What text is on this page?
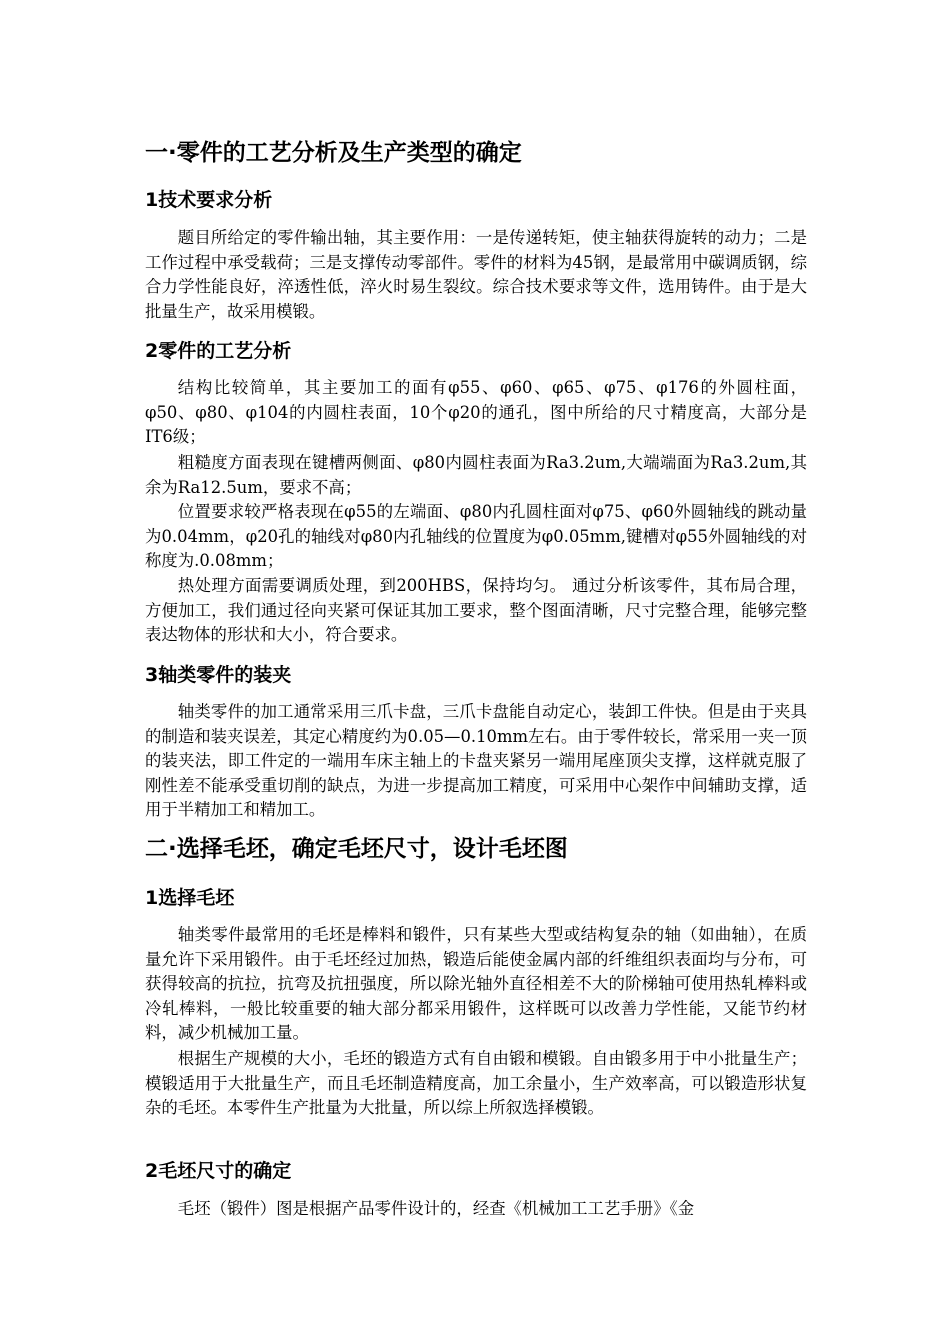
一·零件的工艺分析及生产类型的确定
1技术要求分析

题目所给定的零件输出轴，其主要作用：一是传递转矩，使主轴获得旋转的动力；二是工作过程中承受载荷；三是支撑传动零部件。零件的材料为45钢，是最常用中碳调质钢，综合力学性能良好，淬透性低，淬火时易生裂纹。综合技术要求等文件，选用铸件。由于是大批量生产，故采用模锻。

2零件的工艺分析

结构比较简单，其主要加工的面有φ55、φ60、φ65、φ75、φ176的外圆柱面，φ50、φ80、φ104的内圆柱表面，10个φ20的通孔，图中所给的尺寸精度高，大部分是IT6级；

粗糙度方面表现在键槽两侧面、φ80内圆柱表面为Ra3.2um,大端端面为Ra3.2um,其余为Ra12.5um，要求不高；

位置要求较严格表现在φ55的左端面、φ80内孔圆柱面对φ75、φ60外圆轴线的跳动量为0.04mm，φ20孔的轴线对φ80内孔轴线的位置度为φ0.05mm,键槽对φ55外圆轴线的对称度为.0.08mm；

热处理方面需要调质处理，到200HBS，保持均匀。 通过分析该零件，其布局合理，方便加工，我们通过径向夹紧可保证其加工要求，整个图面清晰，尺寸完整合理，能够完整表达物体的形状和大小，符合要求。

3轴类零件的装夹

轴类零件的加工通常采用三爪卡盘，三爪卡盘能自动定心，装卸工件快。但是由于夹具的制造和装夹误差，其定心精度约为0.05—0.10mm左右。由于零件较长，常采用一夹一顶的装夹法，即工件定的一端用车床主轴上的卡盘夹紧另一端用尾座顶尖支撑，这样就克服了刚性差不能承受重切削的缺点，为进一步提高加工精度，可采用中心架作中间辅助支撑，适用于半精加工和精加工。

二·选择毛坯，确定毛坯尺寸，设计毛坯图
1选择毛坯

轴类零件最常用的毛坯是棒料和锻件，只有某些大型或结构复杂的轴（如曲轴），在质量允许下采用锻件。由于毛坯经过加热，锻造后能使金属内部的纤维组织表面均与分布，可获得较高的抗拉，抗弯及抗扭强度，所以除光轴外直径相差不大的阶梯轴可使用热轧棒料或冷轧棒料，一般比较重要的轴大部分都采用锻件，这样既可以改善力学性能，又能节约材料，减少机械加工量。

根据生产规模的大小，毛坯的锻造方式有自由锻和模锻。自由锻多用于中小批量生产；模锻适用于大批量生产，而且毛坯制造精度高，加工余量小，生产效率高，可以锻造形状复杂的毛坯。本零件生产批量为大批量，所以综上所叙选择模锻。

2毛坯尺寸的确定

毛坯（锻件）图是根据产品零件设计的，经查《机械加工工艺手册》《金
